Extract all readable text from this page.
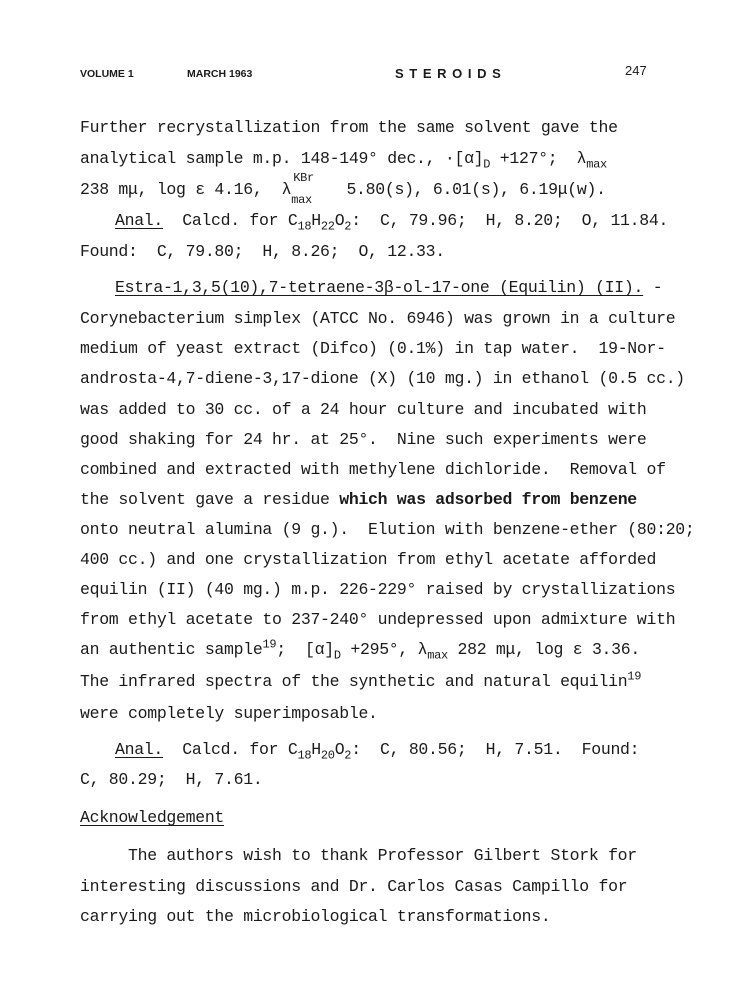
VOLUME 1	MARCH 1963	S T E R O I D S	247
Further recrystallization from the same solvent gave the
analytical sample m.p. 148-149° dec., $\cdot[\alpha]_D +127^\circ$;  $\lambda_{max}$
238 mμ, log ε 4.16,  λ
KBr
max
5.80(s), 6.01(s), 6.19μ(w).
Anal.  Calcd. for $C_{18}H_{22}O_2$:  C, 79.96;  H, 8.20;  O, 11.84.
Found:  C, 79.80;  H, 8.26;  O, 12.33.
Estra-1,3,5(10),7-tetraene-3β-ol-17-one (Equilin) (II). -
Corynebacterium simplex (ATCC No. 6946) was grown in a culture
medium of yeast extract (Difco) (0.1%) in tap water.  19-Nor-
androsta-4,7-diene-3,17-dione (X) (10 mg.) in ethanol (0.5 cc.)
was added to 30 cc. of a 24 hour culture and incubated with
good shaking for 24 hr. at 25°.  Nine such experiments were
combined and extracted with methylene dichloride.  Removal of
the solvent gave a residue which was adsorbed from benzene
onto neutral alumina (9 g.).  Elution with benzene-ether (80:20;
400 cc.) and one crystallization from ethyl acetate afforded
equilin (II) (40 mg.) m.p. 226-229° raised by crystallizations
from ethyl acetate to 237-240° undepressed upon admixture with
an authentic sample$^{19}$;  $[\alpha]_D +295^\circ$, $\lambda_{max}$ 282 mμ, log ε 3.36.
The infrared spectra of the synthetic and natural equilin$^{19}$
were completely superimposable.
Anal.  Calcd. for $C_{18}H_{20}O_2$:  C, 80.56;  H, 7.51.  Found:
C, 80.29;  H, 7.61.
Acknowledgement
The authors wish to thank Professor Gilbert Stork for
interesting discussions and Dr. Carlos Casas Campillo for
carrying out the microbiological transformations.
